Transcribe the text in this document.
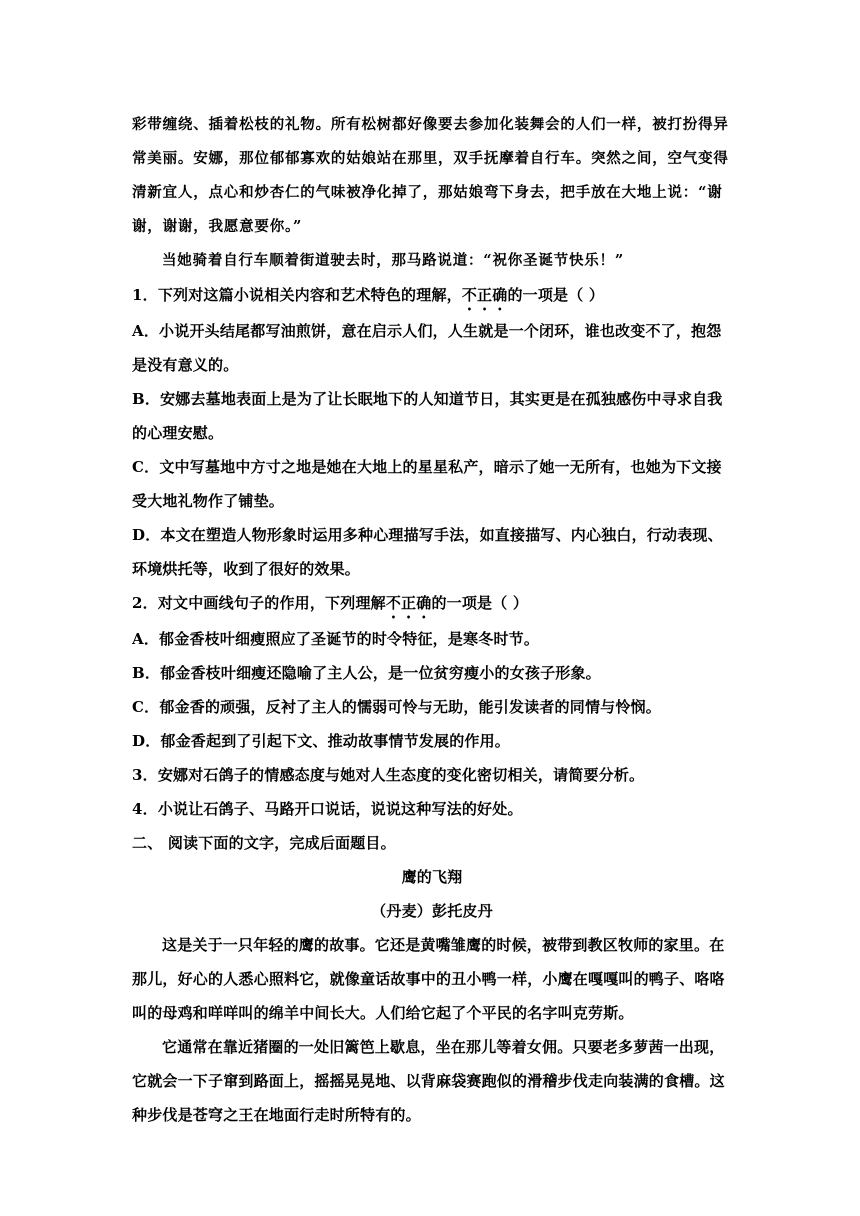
彩带缠绕、插着松枝的礼物。所有松树都好像要去参加化装舞会的人们一样，被打扮得异常美丽。安娜，那位郁郁寡欢的姑娘站在那里，双手抚摩着自行车。突然之间，空气变得清新宜人，点心和炒杏仁的气味被净化掉了，那姑娘弯下身去，把手放在大地上说：“谢谢，谢谢，我愿意要你。”

当她骑着自行车顺着街道驶去时，那马路说道：“祝你圣诞节快乐！”

1．下列对这篇小说相关内容和艺术特色的理解，不正确的一项是（ ）

A．小说开头结尾都写油煎饼，意在启示人们，人生就是一个闭环，谁也改变不了，抱怨是没有意义的。

B．安娜去墓地表面上是为了让长眠地下的人知道节日，其实更是在孤独感伤中寻求自我的心理安慰。

C．文中写墓地中方寸之地是她在大地上的星星私产，暗示了她一无所有，也她为下文接受大地礼物作了铺垫。

D．本文在塑造人物形象时运用多种心理描写手法，如直接描写、内心独白，行动表现、环境烘托等，收到了很好的效果。

2．对文中画线句子的作用，下列理解不正确的一项是（ ）

A．郁金香枝叶细瘦照应了圣诞节的时令特征，是寒冬时节。

B．郁金香枝叶细瘦还隐喻了主人公，是一位贫穷瘦小的女孩子形象。

C．郁金香的顽强，反衬了主人的懦弱可怜与无助，能引发读者的同情与怜悯。

D．郁金香起到了引起下文、推动故事情节发展的作用。

3．安娜对石鸽子的情感态度与她对人生态度的变化密切相关，请简要分析。

4．小说让石鸽子、马路开口说话，说说这种写法的好处。

二、 阅读下面的文字，完成后面题目。

鹰的飞翔

（丹麦）彭托皮丹

这是关于一只年轻的鹰的故事。它还是黄嘴雏鹰的时候，被带到教区牧师的家里。在那儿，好心的人悉心照料它，就像童话故事中的丑小鸭一样，小鹰在嘎嘎叫的鸭子、咯咯叫的母鸡和咩咩叫的绵羊中间长大。人们给它起了个平民的名字叫克劳斯。

它通常在靠近猪圈的一处旧篱笆上歇息，坐在那儿等着女佣。只要老多萝茜一出现，它就会一下子窜到路面上，摇摇晃晃地、以背麻袋赛跑似的滑稽步伐走向装满的食槽。这种步伐是苍穹之王在地面行走时所特有的。
